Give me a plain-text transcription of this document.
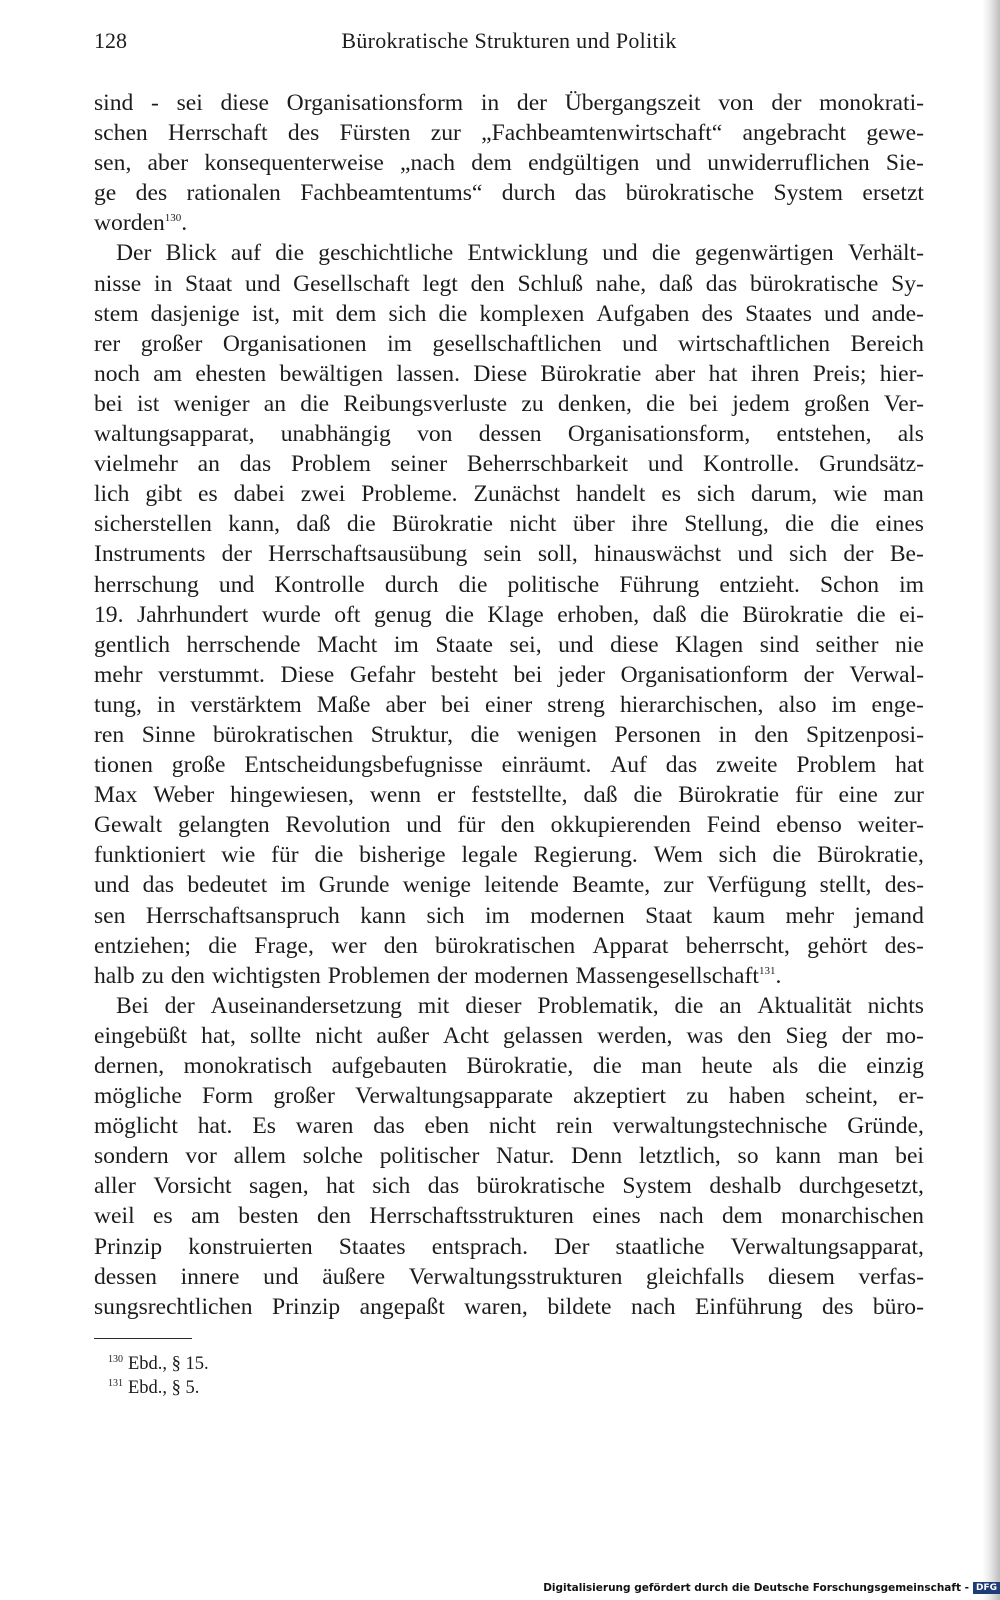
128	Bürokratische Strukturen und Politik
sind - sei diese Organisationsform in der Übergangszeit von der monokrati-
schen Herrschaft des Fürsten zur „Fachbeamtenwirtschaft“ angebracht gewe-
sen, aber konsequenterweise „nach dem endgültigen und unwiderruflichen Sie-
ge des rationalen Fachbeamtentums“ durch das bürokratische System ersetzt
worden$^{130}$.
Der Blick auf die geschichtliche Entwicklung und die gegenwärtigen Verhält-
nisse in Staat und Gesellschaft legt den Schluß nahe, daß das bürokratische Sy-
stem dasjenige ist, mit dem sich die komplexen Aufgaben des Staates und ande-
rer großer Organisationen im gesellschaftlichen und wirtschaftlichen Bereich
noch am ehesten bewältigen lassen. Diese Bürokratie aber hat ihren Preis; hier-
bei ist weniger an die Reibungsverluste zu denken, die bei jedem großen Ver-
waltungsapparat, unabhängig von dessen Organisationsform, entstehen, als
vielmehr an das Problem seiner Beherrschbarkeit und Kontrolle. Grundsätz-
lich gibt es dabei zwei Probleme. Zunächst handelt es sich darum, wie man
sicherstellen kann, daß die Bürokratie nicht über ihre Stellung, die die eines
Instruments der Herrschaftsausübung sein soll, hinauswächst und sich der Be-
herrschung und Kontrolle durch die politische Führung entzieht. Schon im
19. Jahrhundert wurde oft genug die Klage erhoben, daß die Bürokratie die ei-
gentlich herrschende Macht im Staate sei, und diese Klagen sind seither nie
mehr verstummt. Diese Gefahr besteht bei jeder Organisationform der Verwal-
tung, in verstärktem Maße aber bei einer streng hierarchischen, also im enge-
ren Sinne bürokratischen Struktur, die wenigen Personen in den Spitzenposi-
tionen große Entscheidungsbefugnisse einräumt. Auf das zweite Problem hat
Max Weber hingewiesen, wenn er feststellte, daß die Bürokratie für eine zur
Gewalt gelangten Revolution und für den okkupierenden Feind ebenso weiter-
funktioniert wie für die bisherige legale Regierung. Wem sich die Bürokratie,
und das bedeutet im Grunde wenige leitende Beamte, zur Verfügung stellt, des-
sen Herrschaftsanspruch kann sich im modernen Staat kaum mehr jemand
entziehen; die Frage, wer den bürokratischen Apparat beherrscht, gehört des-
halb zu den wichtigsten Problemen der modernen Massengesellschaft$^{131}$.
Bei der Auseinandersetzung mit dieser Problematik, die an Aktualität nichts
eingebüßt hat, sollte nicht außer Acht gelassen werden, was den Sieg der mo-
dernen, monokratisch aufgebauten Bürokratie, die man heute als die einzig
mögliche Form großer Verwaltungsapparate akzeptiert zu haben scheint, er-
möglicht hat. Es waren das eben nicht rein verwaltungstechnische Gründe,
sondern vor allem solche politischer Natur. Denn letztlich, so kann man bei
aller Vorsicht sagen, hat sich das bürokratische System deshalb durchgesetzt,
weil es am besten den Herrschaftsstrukturen eines nach dem monarchischen
Prinzip konstruierten Staates entsprach. Der staatliche Verwaltungsapparat,
dessen innere und äußere Verwaltungsstrukturen gleichfalls diesem verfas-
sungsrechtlichen Prinzip angepaßt waren, bildete nach Einführung des büro-
$^{130}$ Ebd., § 15.
$^{131}$ Ebd., § 5.
Digitalisierung gefördert durch die Deutsche Forschungsgemeinschaft - DFG
